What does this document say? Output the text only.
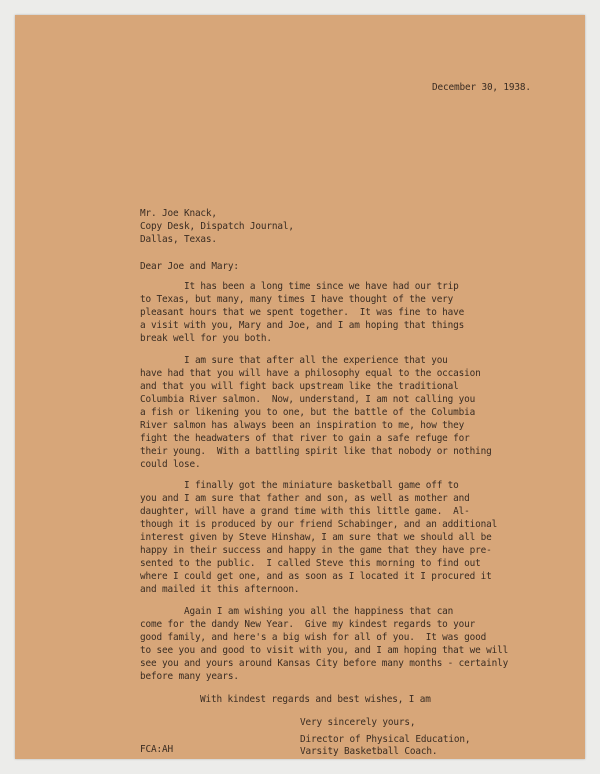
December 30, 1938.
Mr. Joe Knack,
Copy Desk, Dispatch Journal,
Dallas, Texas.
Dear Joe and Mary:
It has been a long time since we have had our trip
to Texas, but many, many times I have thought of the very
pleasant hours that we spent together.  It was fine to have
a visit with you, Mary and Joe, and I am hoping that things
break well for you both.
I am sure that after all the experience that you
have had that you will have a philosophy equal to the occasion
and that you will fight back upstream like the traditional
Columbia River salmon.  Now, understand, I am not calling you
a fish or likening you to one, but the battle of the Columbia
River salmon has always been an inspiration to me, how they
fight the headwaters of that river to gain a safe refuge for
their young.  With a battling spirit like that nobody or nothing
could lose.
I finally got the miniature basketball game off to
you and I am sure that father and son, as well as mother and
daughter, will have a grand time with this little game.  Al-
though it is produced by our friend Schabinger, and an additional
interest given by Steve Hinshaw, I am sure that we should all be
happy in their success and happy in the game that they have pre-
sented to the public.  I called Steve this morning to find out
where I could get one, and as soon as I located it I procured it
and mailed it this afternoon.
Again I am wishing you all the happiness that can
come for the dandy New Year.  Give my kindest regards to your
good family, and here's a big wish for all of you.  It was good
to see you and good to visit with you, and I am hoping that we will
see you and yours around Kansas City before many months - certainly
before many years.
With kindest regards and best wishes, I am
Very sincerely yours,
Director of Physical Education,
Varsity Basketball Coach.
FCA:AH
